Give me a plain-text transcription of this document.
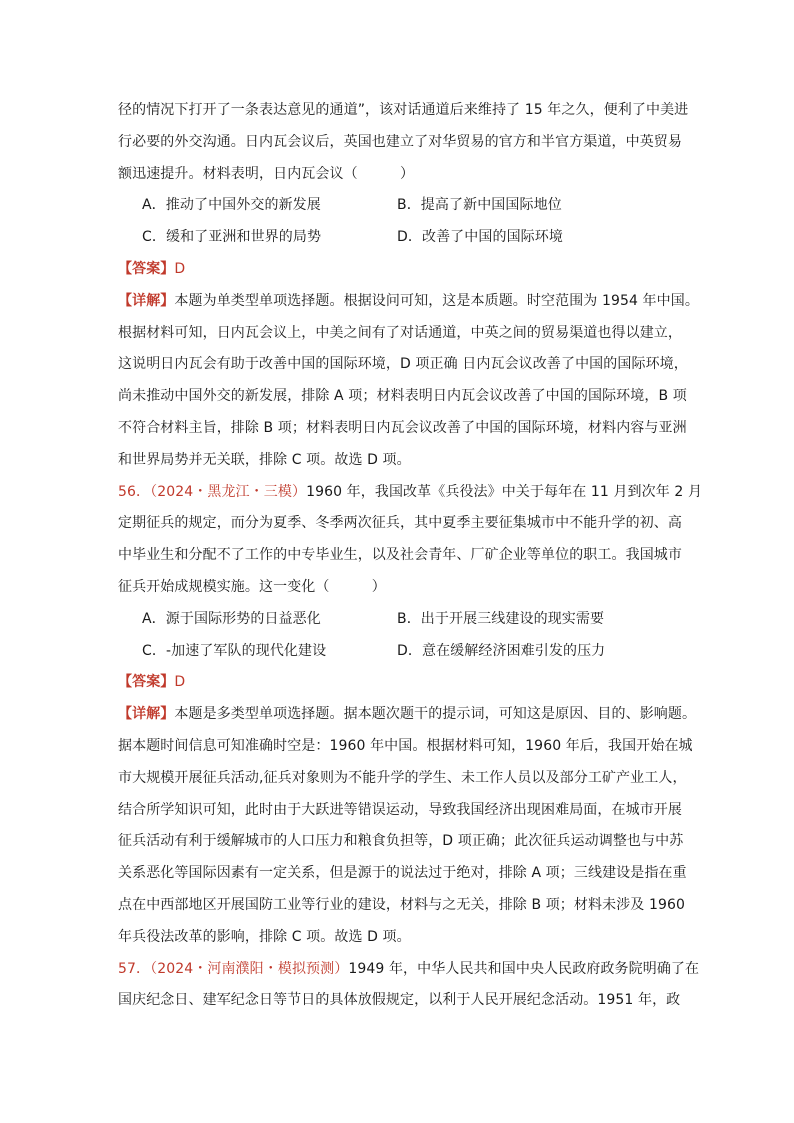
径的情况下打开了一条表达意见的通道”，该对话通道后来维持了 15 年之久，便利了中美进
行必要的外交沟通。日内瓦会议后，英国也建立了对华贸易的官方和半官方渠道，中英贸易
额迅速提升。材料表明，日内瓦会议（　　　）
A．推动了中国外交的新发展	B．提高了新中国国际地位
C．缓和了亚洲和世界的局势	D．改善了中国的国际环境
【答案】D
【详解】本题为单类型单项选择题。根据设问可知，这是本质题。时空范围为 1954 年中国。
根据材料可知，日内瓦会议上，中美之间有了对话通道，中英之间的贸易渠道也得以建立，
这说明日内瓦会有助于改善中国的国际环境，D 项正确 日内瓦会议改善了中国的国际环境，
尚未推动中国外交的新发展，排除 A 项；材料表明日内瓦会议改善了中国的国际环境，B 项
不符合材料主旨，排除 B 项；材料表明日内瓦会议改善了中国的国际环境，材料内容与亚洲
和世界局势并无关联，排除 C 项。故选 D 项。
56．（2024・黑龙江・三模）1960 年，我国改革《兵役法》中关于每年在 11 月到次年 2 月
定期征兵的规定，而分为夏季、冬季两次征兵，其中夏季主要征集城市中不能升学的初、高
中毕业生和分配不了工作的中专毕业生，以及社会青年、厂矿企业等单位的职工。我国城市
征兵开始成规模实施。这一变化（　　　）
A．源于国际形势的日益恶化	B．出于开展三线建设的现实需要
C．-加速了军队的现代化建设	D．意在缓解经济困难引发的压力
【答案】D
【详解】本题是多类型单项选择题。据本题次题干的提示词，可知这是原因、目的、影响题。
据本题时间信息可知准确时空是：1960 年中国。根据材料可知，1960 年后，我国开始在城
市大规模开展征兵活动,征兵对象则为不能升学的学生、未工作人员以及部分工矿产业工人，
结合所学知识可知，此时由于大跃进等错误运动，导致我国经济出现困难局面，在城市开展
征兵活动有利于缓解城市的人口压力和粮食负担等，D 项正确；此次征兵运动调整也与中苏
关系恶化等国际因素有一定关系，但是源于的说法过于绝对，排除 A 项；三线建设是指在重
点在中西部地区开展国防工业等行业的建设，材料与之无关，排除 B 项；材料未涉及 1960
年兵役法改革的影响，排除 C 项。故选 D 项。
57．（2024・河南濮阳・模拟预测）1949 年，中华人民共和国中央人民政府政务院明确了在
国庆纪念日、建军纪念日等节日的具体放假规定，以利于人民开展纪念活动。1951 年，政
